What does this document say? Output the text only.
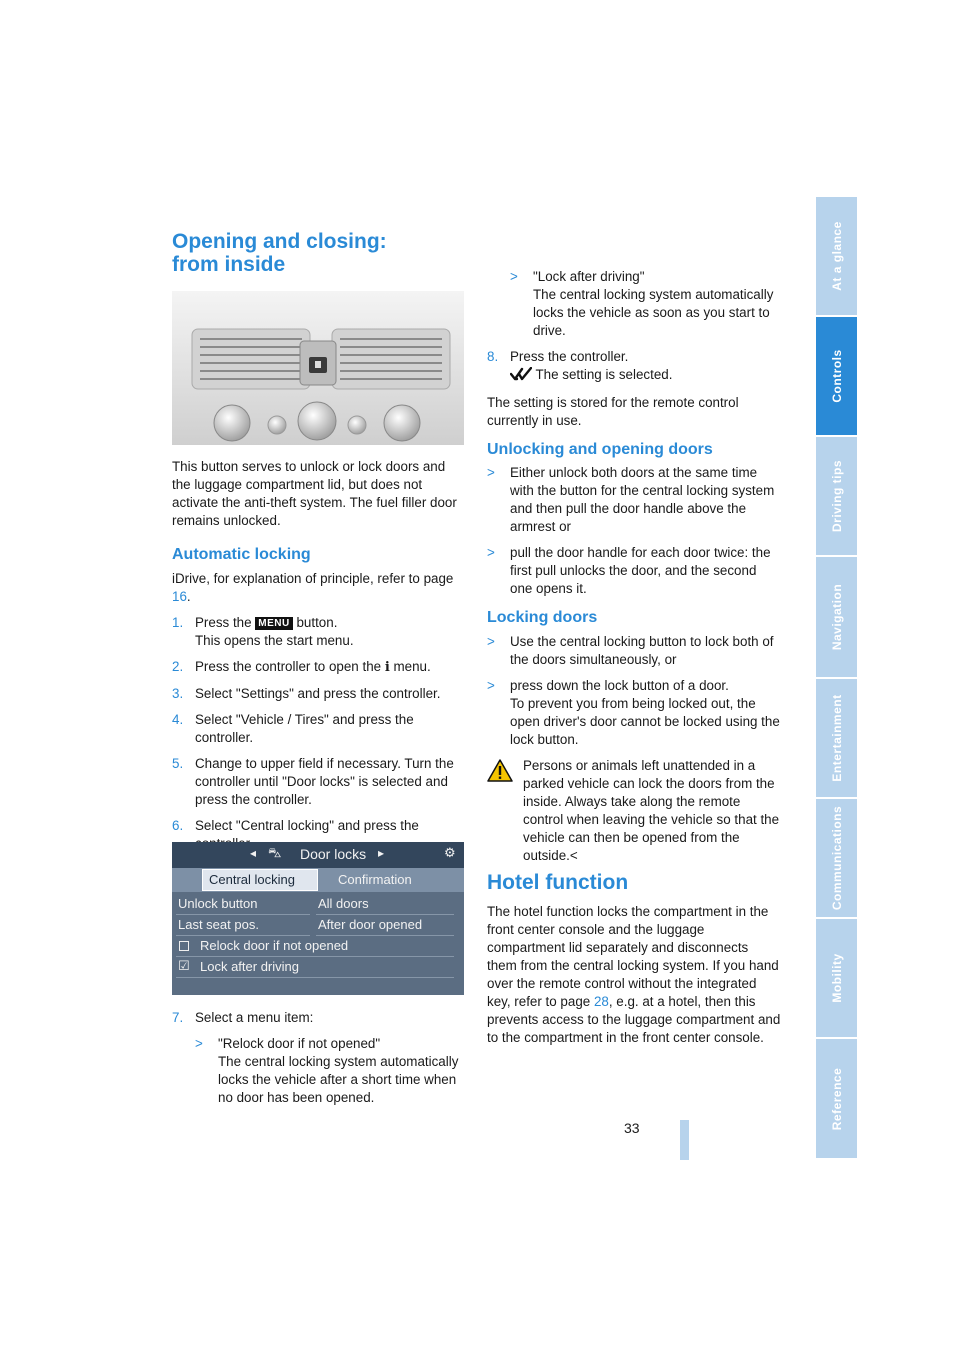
Opening and closing:
from inside

This button serves to unlock or lock doors and the luggage compartment lid, but does not activate the anti-theft system. The fuel filler door remains unlocked.

Automatic locking

iDrive, for explanation of principle, refer to page 16.

1. Press the MENU button.
This opens the start menu.
2. Press the controller to open the i menu.
3. Select "Settings" and press the controller.
4. Select "Vehicle / Tires" and press the controller.
5. Change to upper field if necessary. Turn the controller until "Door locks" is selected and press the controller.
6. Select "Central locking" and press the
◂ ⛍ Door locks ▸	⚙
Central locking	Confirmation
Unlock button	All doors
Last seat pos.	After door opened
Relock door if not opened
☑ Lock after driving
7. Select a menu item:
> "Relock door if not opened"
The central locking system automatically locks the vehicle after a short time when no door has been opened.
> "Lock after driving"
The central locking system automatically locks the vehicle as soon as you start to drive.
8. Press the controller.
The setting is selected.

The setting is stored for the remote control currently in use.

Unlocking and opening doors
> Either unlock both doors at the same time with the button for the central locking system and then pull the door handle above the armrest or
> pull the door handle for each door twice: the first pull unlocks the door, and the second one opens it.
Locking doors
> Use the central locking button to lock both of the doors simultaneously, or
> press down the lock button of a door.
To prevent you from being locked out, the open driver's door cannot be locked using the lock button.
Persons or animals left unattended in a parked vehicle can lock the doors from the inside. Always take along the remote control when leaving the vehicle so that the vehicle can then be opened from the outside.<
Hotel function

The hotel function locks the compartment in the front center console and the luggage compartment lid separately and disconnects them from the central locking system. If you hand over the remote control without the integrated key, refer to page 28, e.g. at a hotel, then this prevents access to the luggage compartment and to the compartment in the front center console.

At a glance
Controls
Driving tips
Navigation
Entertainment
Communications
Mobility
Reference
33
